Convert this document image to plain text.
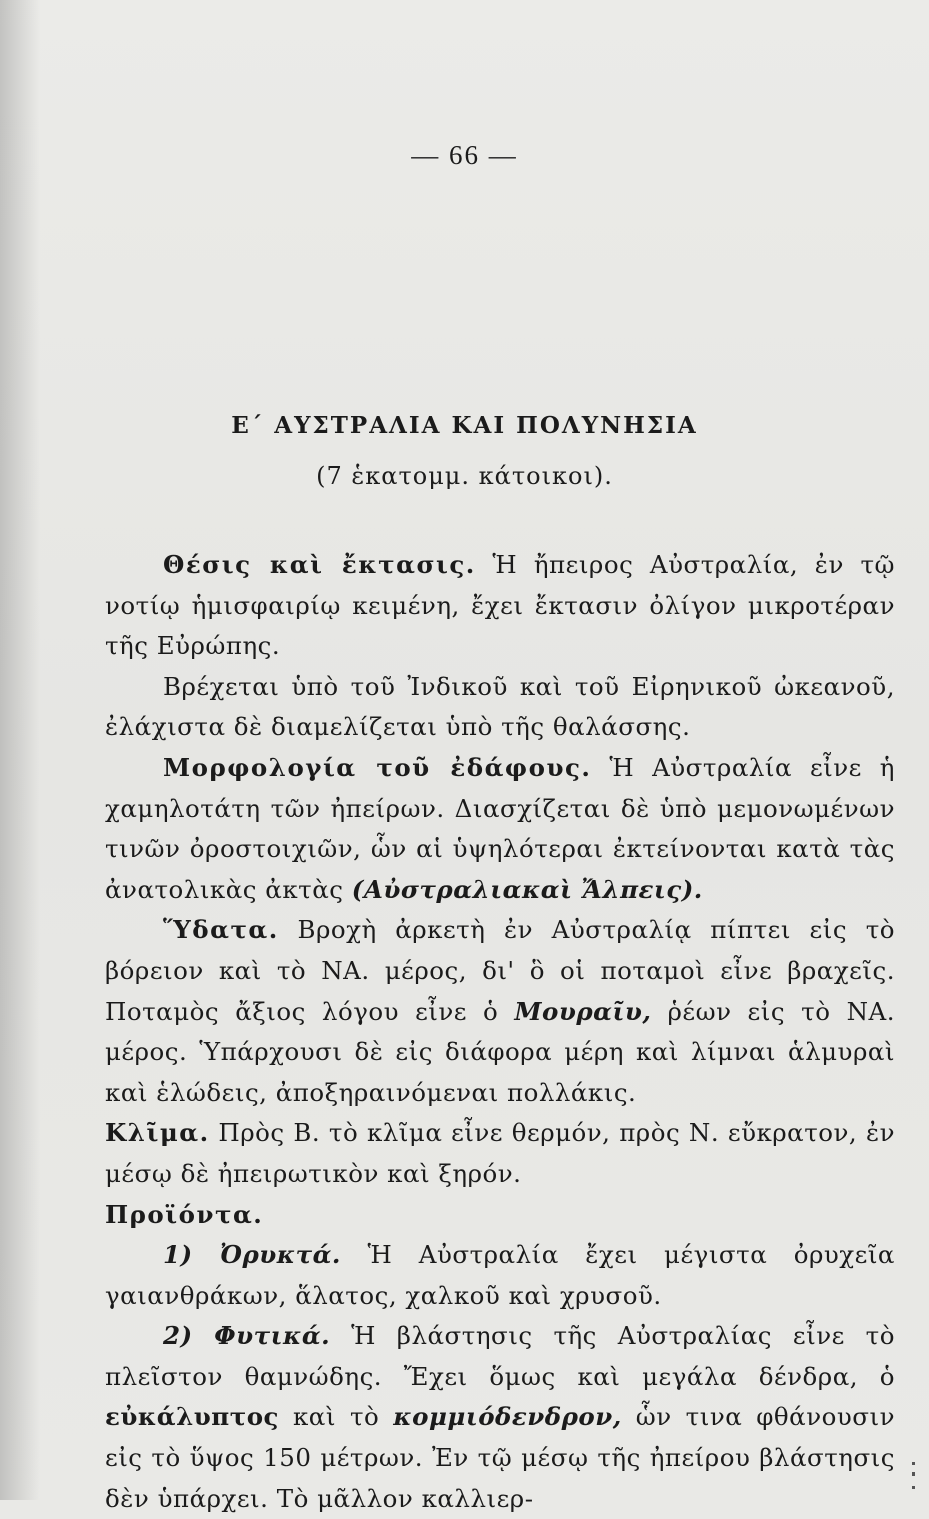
— 66 —
Ε΄ ΑΥΣΤΡΑΛΙΑ ΚΑΙ ΠΟΛΥΝΗΣΙΑ
(7 ἑκατομμ. κάτοικοι).

Θέσις καὶ ἔκτασις. Ἡ ἤπειρος Αὐστραλία, ἐν τῷ νοτίῳ ἡμισφαιρίῳ κειμένη, ἔχει ἔκτασιν ὀλίγον μικροτέραν τῆς Εὐρώπης.

Βρέχεται ὑπὸ τοῦ Ἰνδικοῦ καὶ τοῦ Εἰρηνικοῦ ὠκεανοῦ, ἐλάχιστα δὲ διαμελίζεται ὑπὸ τῆς θαλάσσης.

Μορφολογία τοῦ ἐδάφους. Ἡ Αὐστραλία εἶνε ἡ χαμηλοτάτη τῶν ἠπείρων. Διασχίζεται δὲ ὑπὸ μεμονωμένων τινῶν ὀροστοιχιῶν, ὧν αἱ ὑψηλότεραι ἐκτείνονται κατὰ τὰς ἀνατολικὰς ἀκτὰς (Αὐστραλιακαὶ Ἄλπεις).

Ὕδατα. Βροχὴ ἀρκετὴ ἐν Αὐστραλίᾳ πίπτει εἰς τὸ βόρειον καὶ τὸ ΝΑ. μέρος, δι' ὃ οἱ ποταμοὶ εἶνε βραχεῖς. Ποταμὸς ἄξιος λόγου εἶνε ὁ Μουραῖυ, ῥέων εἰς τὸ ΝΑ. μέρος. Ὑπάρχουσι δὲ εἰς διάφορα μέρη καὶ λίμναι ἁλμυραὶ καὶ ἑλώδεις, ἀποξηραινόμεναι πολλάκις.

Κλῖμα. Πρὸς Β. τὸ κλῖμα εἶνε θερμόν, πρὸς Ν. εὔκρατον, ἐν μέσῳ δὲ ἠπειρωτικὸν καὶ ξηρόν.

Προϊόντα.

1) Ὀρυκτά. Ἡ Αὐστραλία ἔχει μέγιστα ὀρυχεῖα γαιανθράκων, ἅλατος, χαλκοῦ καὶ χρυσοῦ.

2) Φυτικά. Ἡ βλάστησις τῆς Αὐστραλίας εἶνε τὸ πλεῖστον θαμνώδης. Ἔχει ὅμως καὶ μεγάλα δένδρα, ὁ εὐκάλυπτος καὶ τὸ κομμιόδενδρον, ὧν τινα φθάνουσιν εἰς τὸ ὕψος 150 μέτρων. Ἐν τῷ μέσῳ τῆς ἠπείρου βλάστησις δὲν ὑπάρχει. Τὸ μᾶλλον καλλιερ-
